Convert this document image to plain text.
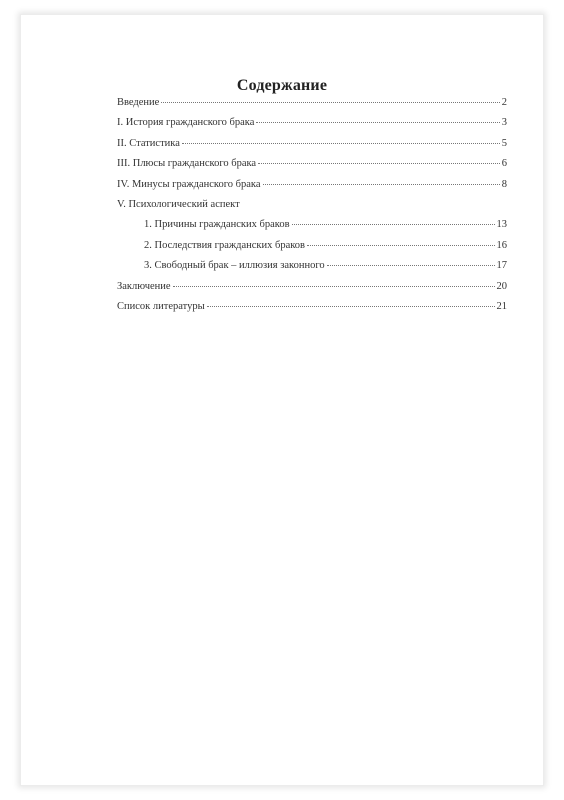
Содержание
Введение	2
I. История гражданского брака	3
II. Статистика	5
III. Плюсы гражданского брака	6
IV. Минусы гражданского брака	8
V. Психологический аспект
1. Причины гражданских браков	13
2. Последствия гражданских браков	16
3. Свободный брак – иллюзия законного	17
Заключение	20
Список литературы	21
